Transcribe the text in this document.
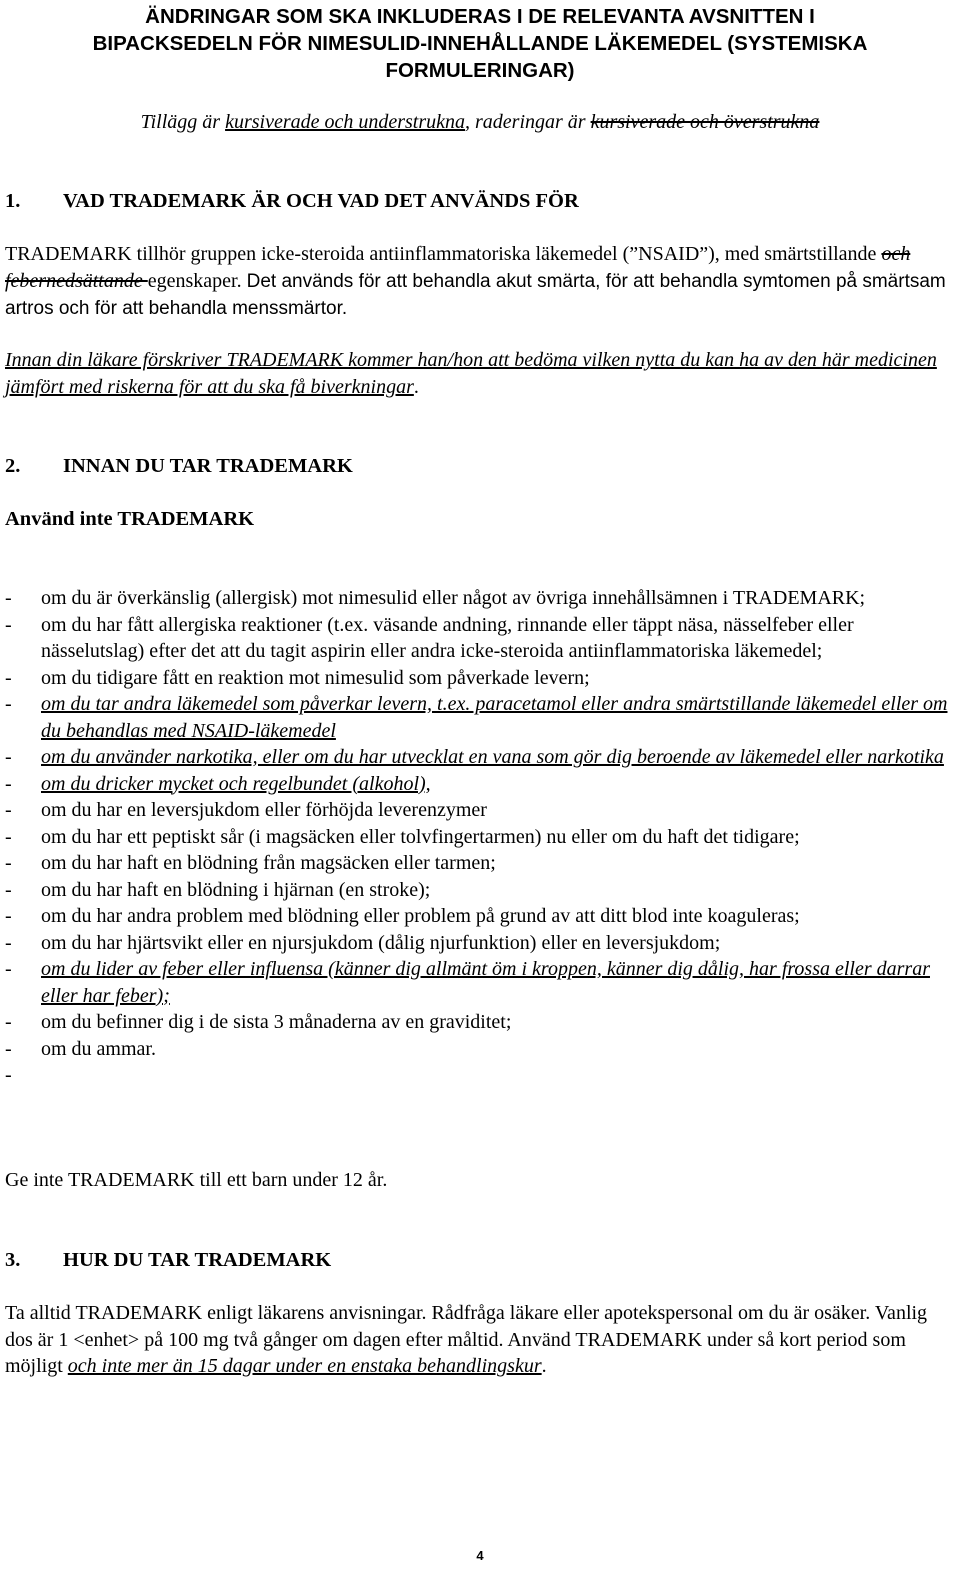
ÄNDRINGAR SOM SKA INKLUDERAS I DE RELEVANTA AVSNITTEN I
BIPACKSEDELN FÖR NIMESULID-INNEHÅLLANDE LÄKEMEDEL (SYSTEMISKA
FORMULERINGAR)
Tillägg är kursiverade och understrukna, raderingar är kursiverade och överstrukna
1. VAD TRADEMARK ÄR OCH VAD DET ANVÄNDS FÖR

TRADEMARK tillhör gruppen icke-steroida antiinflammatoriska läkemedel (”NSAID”), med smärtstillande och febernedsättande egenskaper. Det används för att behandla akut smärta, för att behandla symtomen på smärtsam artros och för att behandla menssmärtor.

Innan din läkare förskriver TRADEMARK kommer han/hon att bedöma vilken nytta du kan ha av den här medicinen jämfört med riskerna för att du ska få biverkningar.

2. INNAN DU TAR TRADEMARK
Använd inte TRADEMARK
- om du är överkänslig (allergisk) mot nimesulid eller något av övriga innehållsämnen i TRADEMARK;
- om du har fått allergiska reaktioner (t.ex. väsande andning, rinnande eller täppt näsa, nässelfeber eller nässelutslag) efter det att du tagit aspirin eller andra icke-steroida antiinflammatoriska läkemedel;
- om du tidigare fått en reaktion mot nimesulid som påverkade levern;
- om du tar andra läkemedel som påverkar levern, t.ex. paracetamol eller andra smärtstillande läkemedel eller om du behandlas med NSAID-läkemedel
- om du använder narkotika, eller om du har utvecklat en vana som gör dig beroende av läkemedel eller narkotika
- om du dricker mycket och regelbundet (alkohol),
- om du har en leversjukdom eller förhöjda leverenzymer
- om du har ett peptiskt sår (i magsäcken eller tolvfingertarmen) nu eller om du haft det tidigare;
- om du har haft en blödning från magsäcken eller tarmen;
- om du har haft en blödning i hjärnan (en stroke);
- om du har andra problem med blödning eller problem på grund av att ditt blod inte koaguleras;
- om du har hjärtsvikt eller en njursjukdom (dålig njurfunktion) eller en leversjukdom;
- om du lider av feber eller influensa (känner dig allmänt öm i kroppen, känner dig dålig, har frossa eller darrar eller har feber);
- om du befinner dig i de sista 3 månaderna av en graviditet;
- om du ammar.
-

Ge inte TRADEMARK till ett barn under 12 år.

3. HUR DU TAR TRADEMARK

Ta alltid TRADEMARK enligt läkarens anvisningar. Rådfråga läkare eller apotekspersonal om du är osäker. Vanlig dos är 1 <enhet> på 100 mg två gånger om dagen efter måltid. Använd TRADEMARK under så kort period som möjligt och inte mer än 15 dagar under en enstaka behandlingskur.

4
